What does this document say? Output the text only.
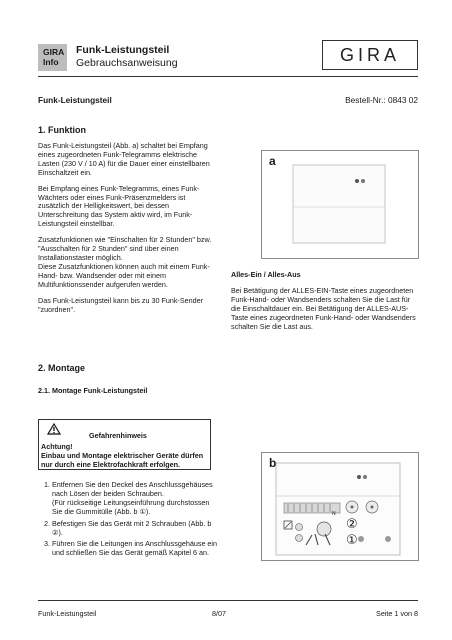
GIRA
Info
Funk-Leistungsteil
Gebrauchsanweisung	GIRA
Funk-Leistungsteil	Bestell-Nr.: 0843 02
1. Funktion

Das Funk-Leistungsteil (Abb. a) schaltet bei Empfang eines zugeordneten Funk-Telegramms elektrische Lasten (230 V / 10 A) für die Dauer einer einstellbaren Einschaltzeit ein.

Bei Empfang eines Funk-Telegramms, eines Funk-Wächters oder eines Funk-Präsenzmelders ist zusätzlich der Helligkeitswert, bei dessen Unterschreitung das System aktiv wird, im Funk-Leistungsteil einstellbar.

Zusatzfunktionen wie "Einschalten für 2 Stunden" bzw. "Ausschalten für 2 Stunden" sind über einen Installationstaster möglich.
Diese Zusatzfunktionen können auch mit einem Funk-Hand- bzw. Wandsender oder mit einem Multifunktionssender aufgerufen werden.

Das Funk-Leistungsteil kann bis zu 30 Funk-Sender "zuordnen".

a
Alles-Ein / Alles-Aus

Bei Betätigung der ALLES-EIN-Taste eines zugeordneten Funk-Hand- oder Wandsenders schalten Sie die Last für die Einschaltdauer ein. Bei Betätigung der ALLES-AUS-Taste eines zugeordneten Funk-Hand- oder Wandsenders schalten Sie die Last aus.

2. Montage
2.1. Montage Funk-Leistungsteil
Gefahrenhinweis
Achtung!
Einbau und Montage elektrischer Geräte dürfen nur durch eine Elektrofachkraft erfolgen.
1. Entfernen Sie den Deckel des Anschlussgehäuses nach Lösen der beiden Schrauben.
(Für rückseitige Leitungseinführung durchstossen Sie die Gummitülle (Abb. b ①).
2. Befestigen Sie das Gerät mit 2 Schrauben (Abb. b ②).
3. Führen Sie die Leitungen ins Anschlussgehäuse ein und schließen Sie das Gerät gemäß Kapitel 6 an.
b
N
②
①
Funk-Leistungsteil	8/07	Seite 1 von 8
